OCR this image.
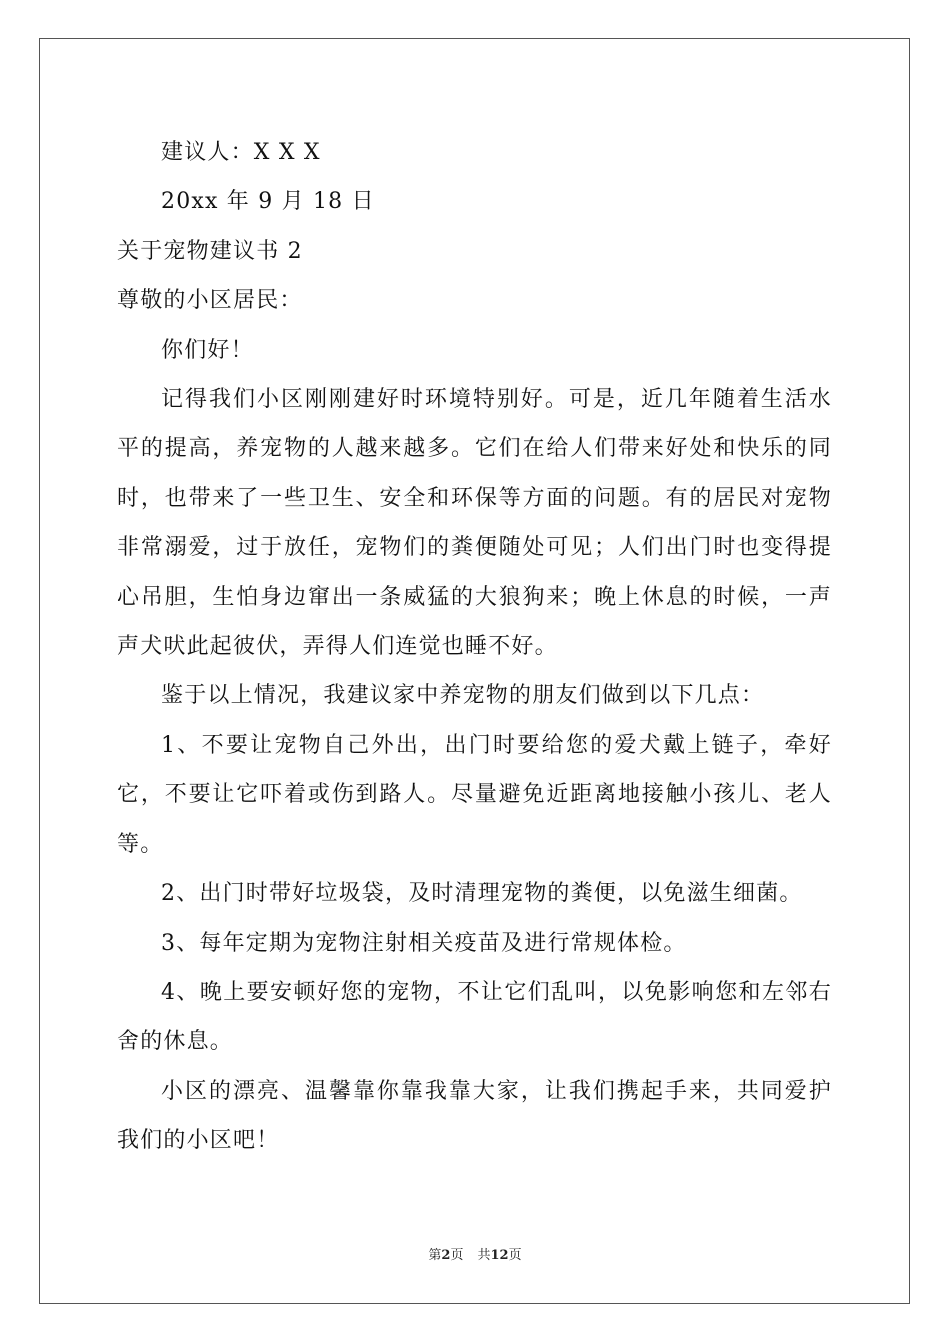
建议人：X X X

20xx 年 9 月 18 日

关于宠物建议书 2

尊敬的小区居民：

你们好！

记得我们小区刚刚建好时环境特别好。可是，近几年随着生活水平的提高，养宠物的人越来越多。它们在给人们带来好处和快乐的同时，也带来了一些卫生、安全和环保等方面的问题。有的居民对宠物非常溺爱，过于放任，宠物们的粪便随处可见；人们出门时也变得提心吊胆，生怕身边窜出一条威猛的大狼狗来；晚上休息的时候，一声声犬吠此起彼伏，弄得人们连觉也睡不好。

鉴于以上情况，我建议家中养宠物的朋友们做到以下几点：

1、不要让宠物自己外出，出门时要给您的爱犬戴上链子，牵好它，不要让它吓着或伤到路人。尽量避免近距离地接触小孩儿、老人等。

2、出门时带好垃圾袋，及时清理宠物的粪便，以免滋生细菌。

3、每年定期为宠物注射相关疫苗及进行常规体检。

4、晚上要安顿好您的宠物，不让它们乱叫，以免影响您和左邻右舍的休息。

小区的漂亮、温馨靠你靠我靠大家，让我们携起手来，共同爱护我们的小区吧！

第2页 共12页
